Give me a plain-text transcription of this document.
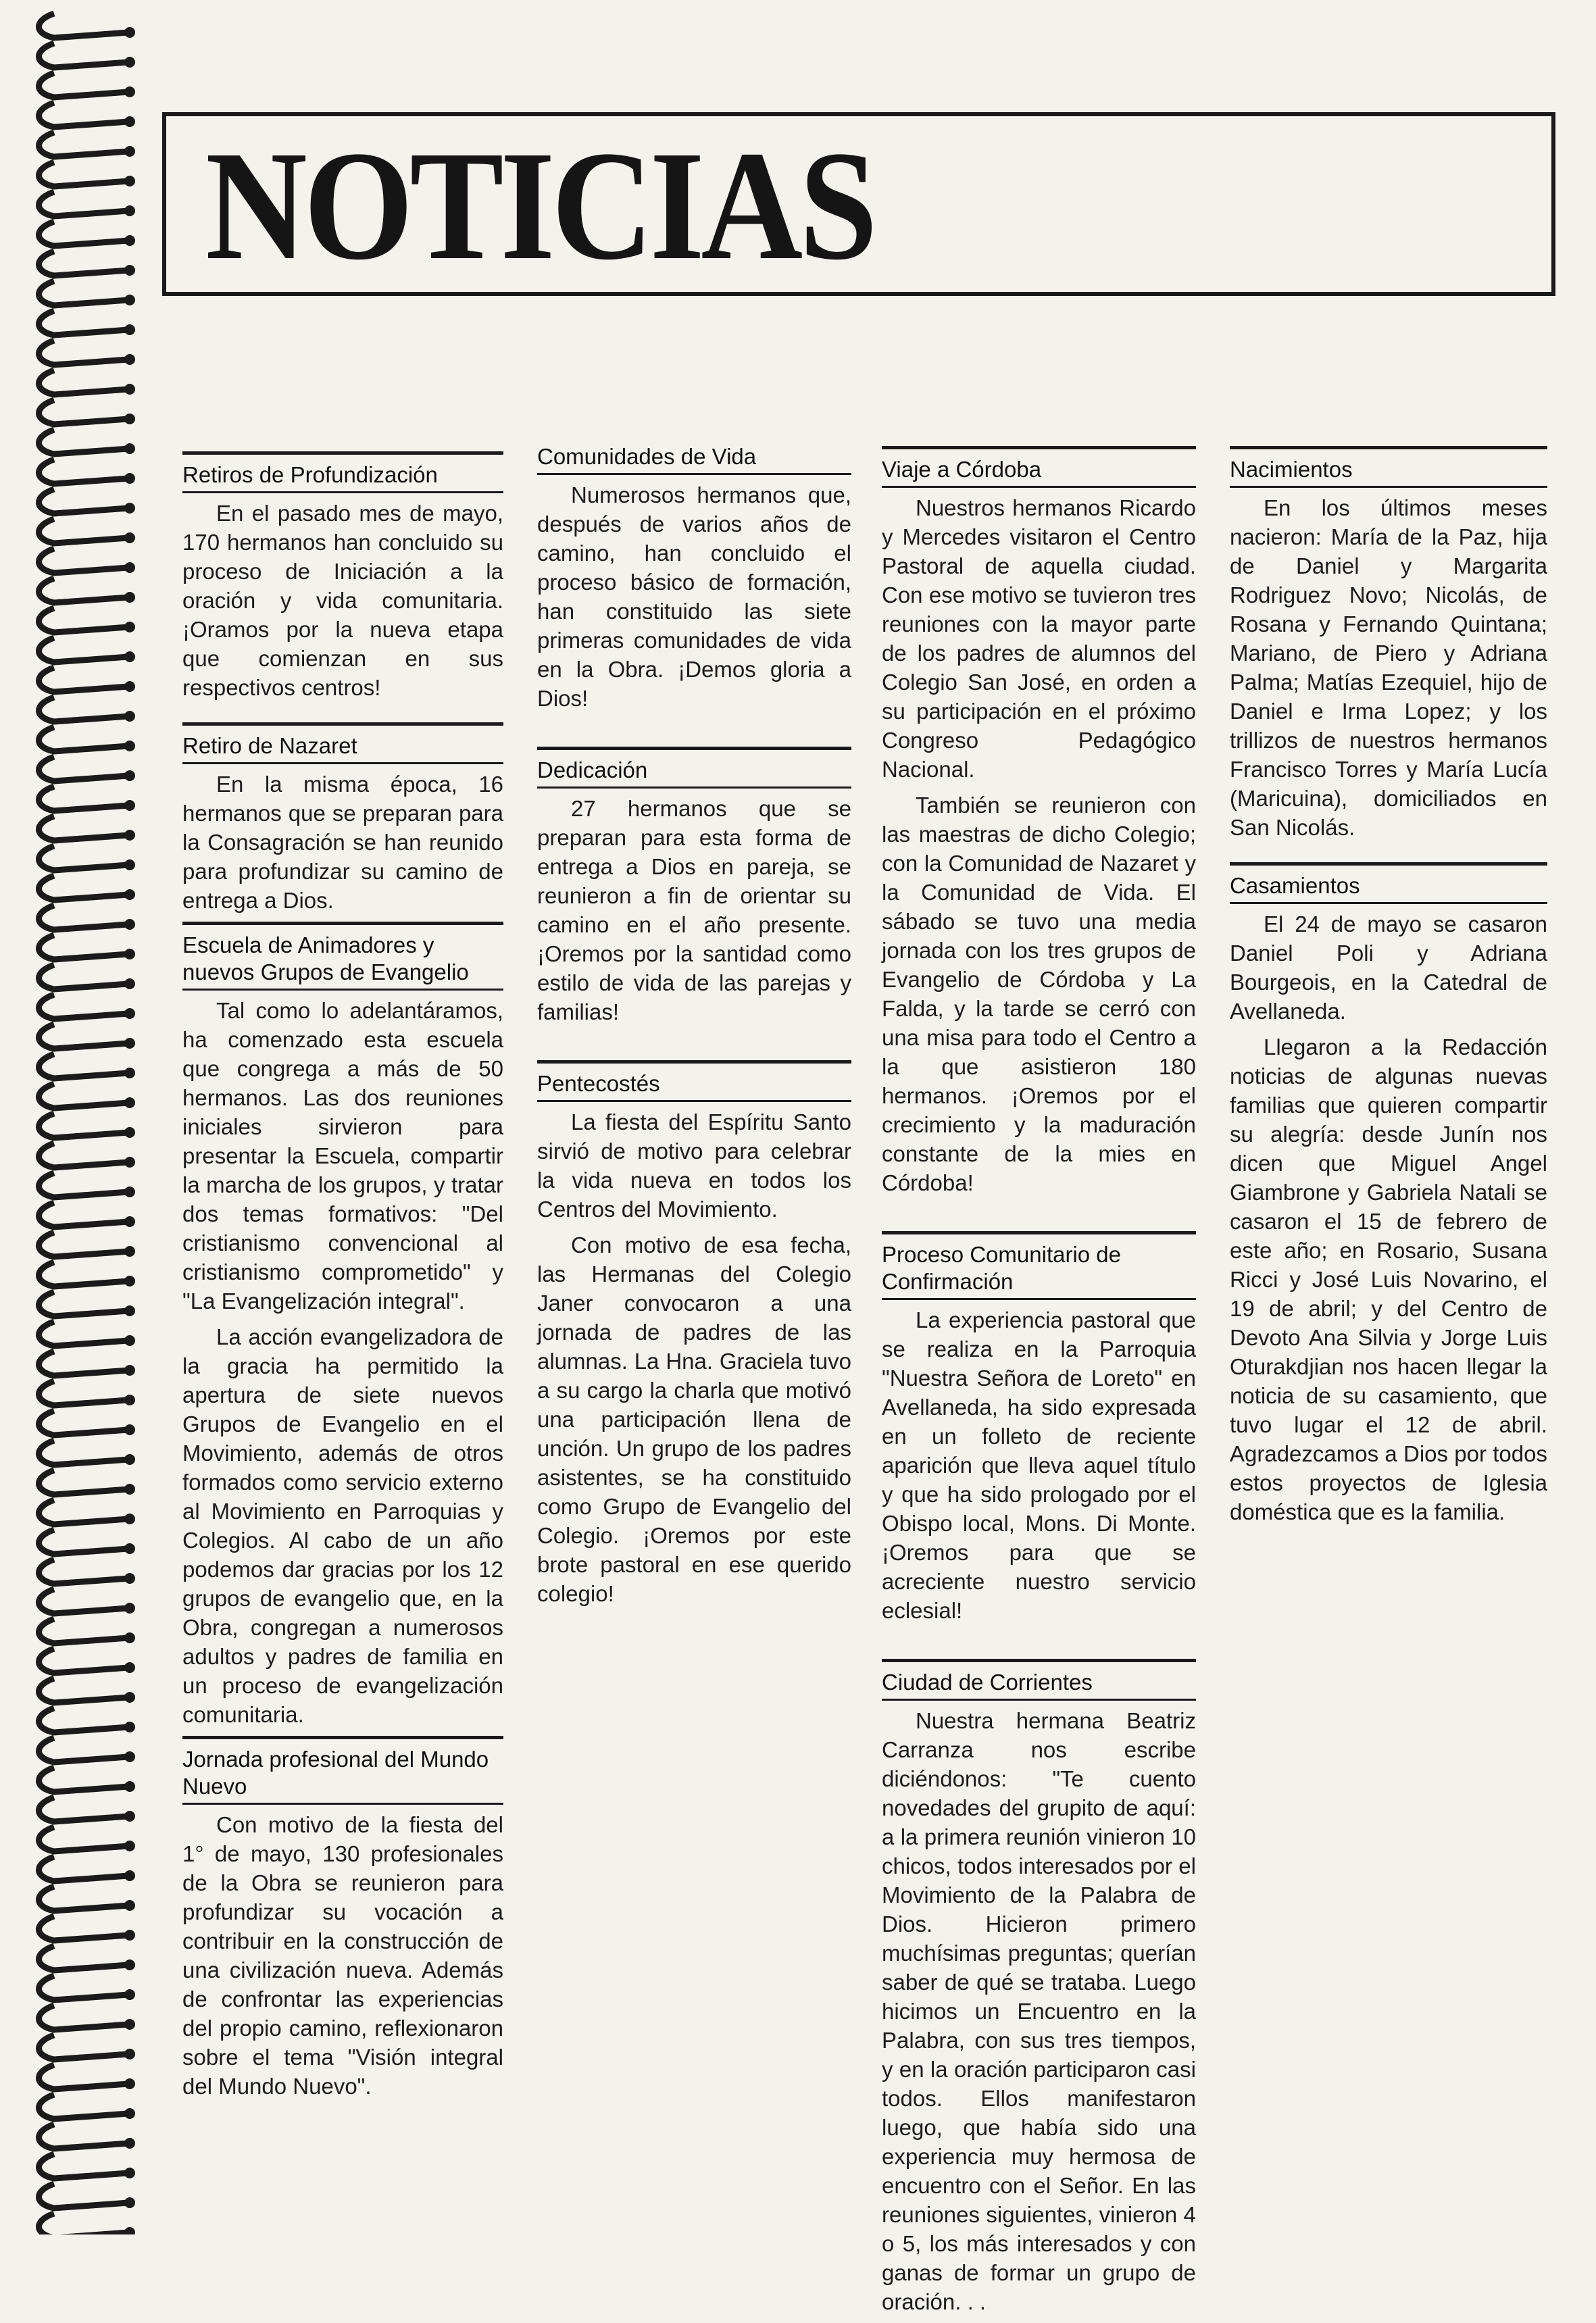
NOTICIAS
Retiros de Profundización

En el pasado mes de mayo, 170 hermanos han concluido su proceso de Iniciación a la oración y vida comunitaria. ¡Oramos por la nueva etapa que comienzan en sus respectivos centros!

Retiro de Nazaret

En la misma época, 16 hermanos que se preparan para la Consagración se han reunido para profundizar su camino de entrega a Dios.

Escuela de Animadores y nuevos Grupos de Evangelio

Tal como lo adelantáramos, ha comenzado esta escuela que congrega a más de 50 hermanos. Las dos reuniones iniciales sirvieron para presentar la Escuela, compartir la marcha de los grupos, y tratar dos temas formativos: "Del cristianismo convencional al cristianismo comprometido" y "La Evangelización integral".

La acción evangelizadora de la gracia ha permitido la apertura de siete nuevos Grupos de Evangelio en el Movimiento, además de otros formados como servicio externo al Movimiento en Parroquias y Colegios. Al cabo de un año podemos dar gracias por los 12 grupos de evangelio que, en la Obra, congregan a numerosos adultos y padres de familia en un proceso de evangelización comunitaria.

Jornada profesional del Mundo Nuevo

Con motivo de la fiesta del 1° de mayo, 130 profesionales de la Obra se reunieron para profundizar su vocación a contribuir en la construcción de una civilización nueva. Además de confrontar las experiencias del propio camino, reflexionaron sobre el tema "Visión integral del Mundo Nuevo".

Comunidades de Vida

Numerosos hermanos que, después de varios años de camino, han concluido el proceso básico de formación, han constituido las siete primeras comunidades de vida en la Obra. ¡Demos gloria a Dios!

Dedicación

27 hermanos que se preparan para esta forma de entrega a Dios en pareja, se reunieron a fin de orientar su camino en el año presente. ¡Oremos por la santidad como estilo de vida de las parejas y familias!

Pentecostés

La fiesta del Espíritu Santo sirvió de motivo para celebrar la vida nueva en todos los Centros del Movimiento.

Con motivo de esa fecha, las Hermanas del Colegio Janer convocaron a una jornada de padres de las alumnas. La Hna. Graciela tuvo a su cargo la charla que motivó una participación llena de unción. Un grupo de los padres asistentes, se ha constituido como Grupo de Evangelio del Colegio. ¡Oremos por este brote pastoral en ese querido colegio!

Viaje a Córdoba

Nuestros hermanos Ricardo y Mercedes visitaron el Centro Pastoral de aquella ciudad. Con ese motivo se tuvieron tres reuniones con la mayor parte de los padres de alumnos del Colegio San José, en orden a su participación en el próximo Congreso Pedagógico Nacional.

También se reunieron con las maestras de dicho Colegio; con la Comunidad de Nazaret y la Comunidad de Vida. El sábado se tuvo una media jornada con los tres grupos de Evangelio de Córdoba y La Falda, y la tarde se cerró con una misa para todo el Centro a la que asistieron 180 hermanos. ¡Oremos por el crecimiento y la maduración constante de la mies en Córdoba!

Proceso Comunitario de Confirmación

La experiencia pastoral que se realiza en la Parroquia "Nuestra Señora de Loreto" en Avellaneda, ha sido expresada en un folleto de reciente aparición que lleva aquel título y que ha sido prologado por el Obispo local, Mons. Di Monte. ¡Oremos para que se acreciente nuestro servicio eclesial!

Ciudad de Corrientes

Nuestra hermana Beatriz Carranza nos escribe diciéndonos: "Te cuento novedades del grupito de aquí: a la primera reunión vinieron 10 chicos, todos interesados por el Movimiento de la Palabra de Dios. Hicieron primero muchísimas preguntas; querían saber de qué se trataba. Luego hicimos un Encuentro en la Palabra, con sus tres tiempos, y en la oración participaron casi todos. Ellos manifestaron luego, que había sido una experiencia muy hermosa de encuentro con el Señor. En las reuniones siguientes, vinieron 4 o 5, los más interesados y con ganas de formar un grupo de oración. . .

Nacimientos

En los últimos meses nacieron: María de la Paz, hija de Daniel y Margarita Rodriguez Novo; Nicolás, de Rosana y Fernando Quintana; Mariano, de Piero y Adriana Palma; Matías Ezequiel, hijo de Daniel e Irma Lopez; y los trillizos de nuestros hermanos Francisco Torres y María Lucía (Maricuina), domiciliados en San Nicolás.

Casamientos

El 24 de mayo se casaron Daniel Poli y Adriana Bourgeois, en la Catedral de Avellaneda.

Llegaron a la Redacción noticias de algunas nuevas familias que quieren compartir su alegría: desde Junín nos dicen que Miguel Angel Giambrone y Gabriela Natali se casaron el 15 de febrero de este año; en Rosario, Susana Ricci y José Luis Novarino, el 19 de abril; y del Centro de Devoto Ana Silvia y Jorge Luis Oturakdjian nos hacen llegar la noticia de su casamiento, que tuvo lugar el 12 de abril. Agradezcamos a Dios por todos estos proyectos de Iglesia doméstica que es la familia.
